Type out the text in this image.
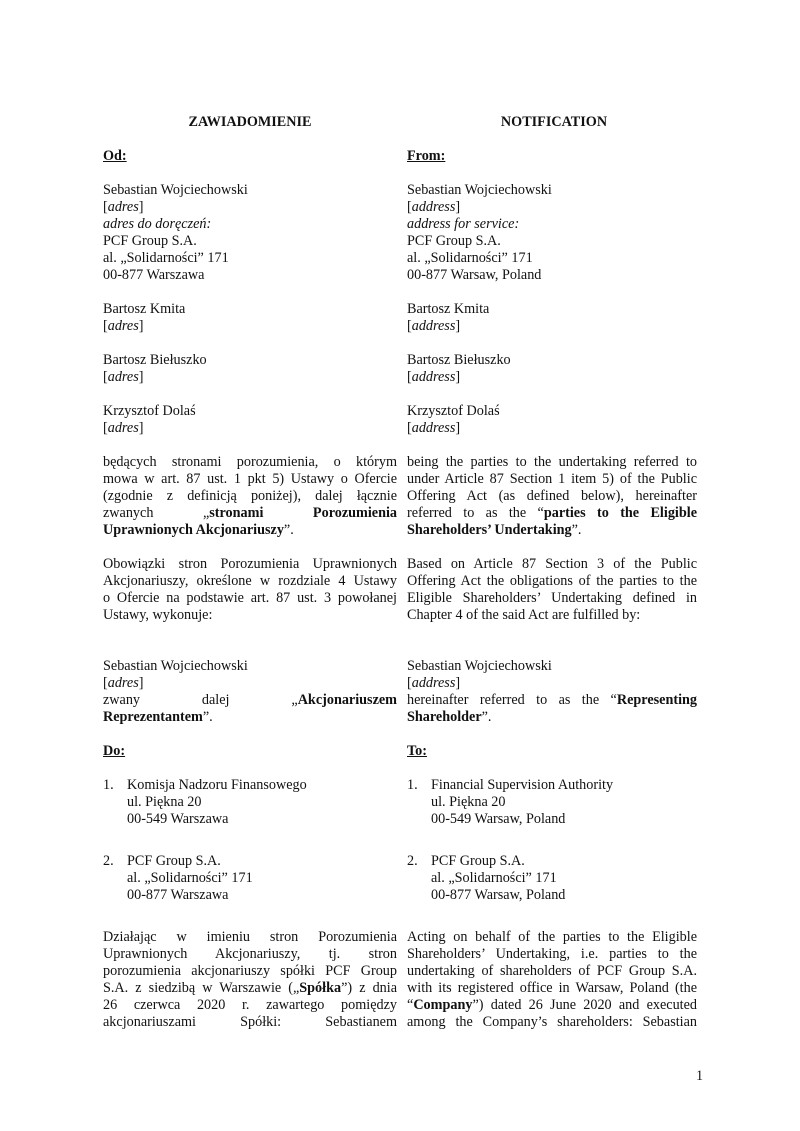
ZAWIADOMIENIE
Od:
Sebastian Wojciechowski
[adres]
adres do doręczeń:
PCF Group S.A.
al. „Solidarności” 171
00-877 Warszawa
Bartosz Kmita
[adres]
Bartosz Biełuszko
[adres]
Krzysztof Dolaś
[adres]
będących stronami porozumienia, o którym
mowa w art. 87 ust. 1 pkt 5) Ustawy o Ofercie
(zgodnie z definicją poniżej), dalej łącznie
zwanych „stronami Porozumienia
Uprawnionych Akcjonariuszy”.
Obowiązki stron Porozumienia Uprawnionych
Akcjonariuszy, określone w rozdziale 4 Ustawy
o Ofercie na podstawie art. 87 ust. 3 powołanej
Ustawy, wykonuje:
Sebastian Wojciechowski
[adres]
zwany dalej „Akcjonariuszem
Reprezentantem”.
Do:
1. Komisja Nadzoru Finansowego
ul. Piękna 20
00-549 Warszawa
2. PCF Group S.A.
al. „Solidarności” 171
00-877 Warszawa
Działając w imieniu stron Porozumienia
Uprawnionych Akcjonariuszy, tj. stron
porozumienia akcjonariuszy spółki PCF Group
S.A. z siedzibą w Warszawie („Spółka”) z dnia
26 czerwca 2020 r. zawartego pomiędzy
akcjonariuszami Spółki: Sebastianem
NOTIFICATION
From:
Sebastian Wojciechowski
[address]
address for service:
PCF Group S.A.
al. „Solidarności” 171
00-877 Warsaw, Poland
Bartosz Kmita
[address]
Bartosz Biełuszko
[address]
Krzysztof Dolaś
[address]
being the parties to the undertaking referred to
under Article 87 Section 1 item 5) of the Public
Offering Act (as defined below), hereinafter
referred to as the “parties to the Eligible
Shareholders’ Undertaking”.
Based on Article 87 Section 3 of the Public
Offering Act the obligations of the parties to the
Eligible Shareholders’ Undertaking defined in
Chapter 4 of the said Act are fulfilled by:
Sebastian Wojciechowski
[address]
hereinafter referred to as the “Representing
Shareholder”.
To:
1. Financial Supervision Authority
ul. Piękna 20
00-549 Warsaw, Poland
2. PCF Group S.A.
al. „Solidarności” 171
00-877 Warsaw, Poland
Acting on behalf of the parties to the Eligible
Shareholders’ Undertaking, i.e. parties to the
undertaking of shareholders of PCF Group S.A.
with its registered office in Warsaw, Poland (the
“Company”) dated 26 June 2020 and executed
among the Company’s shareholders: Sebastian
1
